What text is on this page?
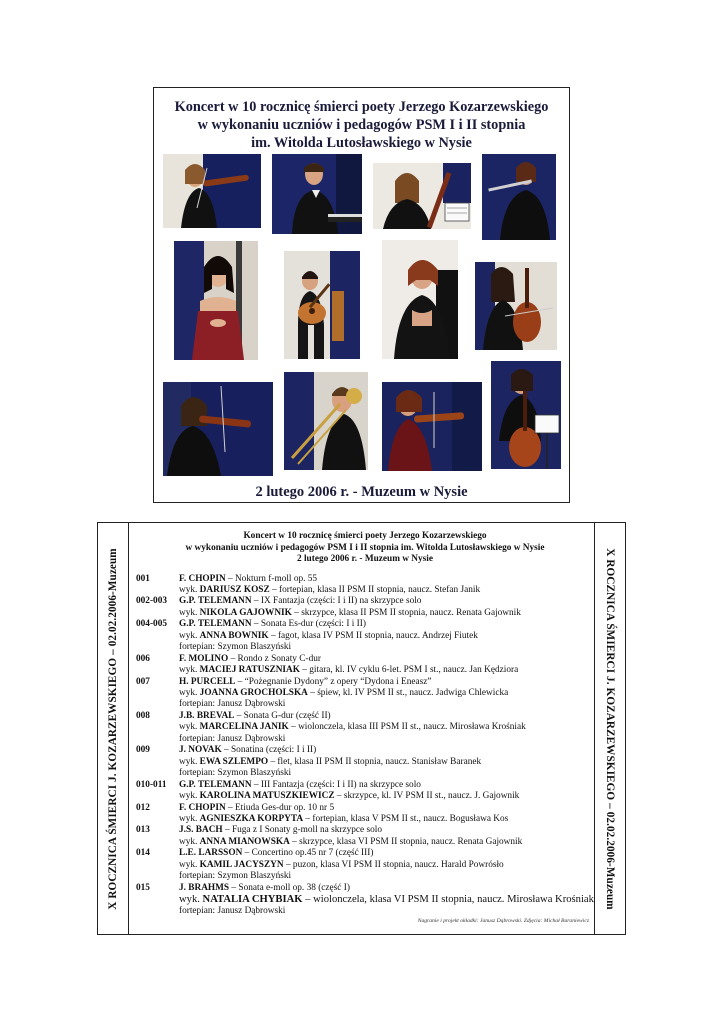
Koncert w 10 rocznicę śmierci poety Jerzego Kozarzewskiego
w wykonaniu uczniów i pedagogów PSM I i II stopnia
im. Witolda Lutosławskiego w Nysie
2 lutego 2006 r. - Muzeum w Nysie
X ROCZNICA ŚMIERCI J. KOZARZEWSKIEGO – 02.02.2006-Muzeum	X ROCZNICA ŚMIERCI J. KOZARZEWSKIEGO – 02.02.2006-Muzeum
Koncert w 10 rocznicę śmierci poety Jerzego Kozarzewskiego
w wykonaniu uczniów i pedagogów PSM I i II stopnia im. Witolda Lutosławskiego w Nysie
2 lutego 2006 r. - Muzeum w Nysie
001	F. CHOPIN – Nokturn f-moll op. 55
wyk. DARIUSZ KOSZ – fortepian, klasa II PSM II stopnia, naucz. Stefan Janik
002-003	G.P. TELEMANN – IX Fantazja (części: I i II) na skrzypce solo
wyk. NIKOLA GAJOWNIK – skrzypce, klasa II PSM II stopnia, naucz. Renata Gajownik
004-005	G.P. TELEMANN – Sonata Es-dur (części: I i II)
wyk. ANNA BOWNIK – fagot, klasa IV PSM II stopnia, naucz. Andrzej Fiutek
fortepian: Szymon Blaszyński
006	F. MOLINO – Rondo z Sonaty C-dur
wyk. MACIEJ RATUSZNIAK – gitara, kl. IV cyklu 6-let. PSM I st., naucz. Jan Kędziora
007	H. PURCELL – “Pożegnanie Dydony” z opery “Dydona i Eneasz”
wyk. JOANNA GROCHOLSKA – śpiew, kl. IV PSM II st., naucz. Jadwiga Chlewicka
fortepian: Janusz Dąbrowski
008	J.B. BREVAL – Sonata G-dur (część II)
wyk. MARCELINA JANIK – wiolonczela, klasa III PSM II st., naucz. Mirosława Krośniak
fortepian: Janusz Dąbrowski
009	J. NOVAK – Sonatina (części: I i II)
wyk. EWA SZLEMPO – flet, klasa II PSM II stopnia, naucz. Stanisław Baranek
fortepian: Szymon Blaszyński
010-011	G.P. TELEMANN – III Fantazja (części: I i II) na skrzypce solo
wyk. KAROLINA MATUSZKIEWICZ – skrzypce, kl. IV PSM II st., naucz. J. Gajownik
012	F. CHOPIN – Etiuda Ges-dur op. 10 nr 5
wyk. AGNIESZKA KORPYTA – fortepian, klasa V PSM II st., naucz. Bogusława Kos
013	J.S. BACH – Fuga z I Sonaty g-moll na skrzypce solo
wyk. ANNA MIANOWSKA – skrzypce, klasa VI PSM II stopnia, naucz. Renata Gajownik
014	L.E. LARSSON – Concertino op.45 nr 7 (część III)
wyk. KAMIL JACYSZYN – puzon, klasa VI PSM II stopnia, naucz. Harald Powrósło
fortepian: Szymon Blaszyński
015	J. BRAHMS – Sonata e-moll op. 38 (część I)
wyk. NATALIA CHYBIAK – wiolonczela, klasa VI PSM II stopnia, naucz. Mirosława Krośniak
fortepian: Janusz Dąbrowski
Nagranie i projekt okładki: Janusz Dąbrowski. Zdjęcia: Michał Baraniewicz
